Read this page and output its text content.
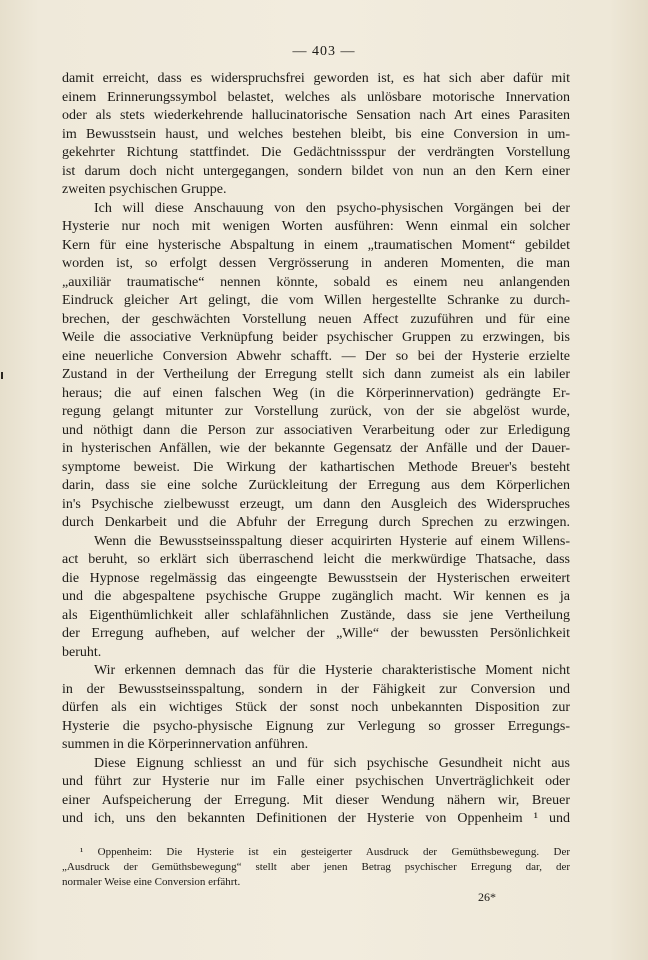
— 403 —
damit erreicht, dass es widerspruchsfrei geworden ist, es hat sich aber dafür mit
einem Erinnerungssymbol belastet, welches als unlösbare motorische Innervation
oder als stets wiederkehrende hallucinatorische Sensation nach Art eines Parasiten
im Bewusstsein haust, und welches bestehen bleibt, bis eine Conversion in um-
gekehrter Richtung stattfindet. Die Gedächtnissspur der verdrängten Vorstellung
ist darum doch nicht untergegangen, sondern bildet von nun an den Kern einer
zweiten psychischen Gruppe.
Ich will diese Anschauung von den psycho-physischen Vorgängen bei der
Hysterie nur noch mit wenigen Worten ausführen: Wenn einmal ein solcher
Kern für eine hysterische Abspaltung in einem „traumatischen Moment“ gebildet
worden ist, so erfolgt dessen Vergrösserung in anderen Momenten, die man
„auxiliär traumatische“ nennen könnte, sobald es einem neu anlangenden
Eindruck gleicher Art gelingt, die vom Willen hergestellte Schranke zu durch-
brechen, der geschwächten Vorstellung neuen Affect zuzuführen und für eine
Weile die associative Verknüpfung beider psychischer Gruppen zu erzwingen, bis
eine neuerliche Conversion Abwehr schafft. — Der so bei der Hysterie erzielte
Zustand in der Vertheilung der Erregung stellt sich dann zumeist als ein labiler
heraus; die auf einen falschen Weg (in die Körperinnervation) gedrängte Er-
regung gelangt mitunter zur Vorstellung zurück, von der sie abgelöst wurde,
und nöthigt dann die Person zur associativen Verarbeitung oder zur Erledigung
in hysterischen Anfällen, wie der bekannte Gegensatz der Anfälle und der Dauer-
symptome beweist. Die Wirkung der kathartischen Methode Breuer's besteht
darin, dass sie eine solche Zurückleitung der Erregung aus dem Körperlichen
in's Psychische zielbewusst erzeugt, um dann den Ausgleich des Widerspruches
durch Denkarbeit und die Abfuhr der Erregung durch Sprechen zu erzwingen.
Wenn die Bewusstseinsspaltung dieser acquirirten Hysterie auf einem Willens-
act beruht, so erklärt sich überraschend leicht die merkwürdige Thatsache, dass
die Hypnose regelmässig das eingeengte Bewusstsein der Hysterischen erweitert
und die abgespaltene psychische Gruppe zugänglich macht. Wir kennen es ja
als Eigenthümlichkeit aller schlafähnlichen Zustände, dass sie jene Vertheilung
der Erregung aufheben, auf welcher der „Wille“ der bewussten Persönlichkeit
beruht.
Wir erkennen demnach das für die Hysterie charakteristische Moment nicht
in der Bewusstseinsspaltung, sondern in der Fähigkeit zur Conversion und
dürfen als ein wichtiges Stück der sonst noch unbekannten Disposition zur
Hysterie die psycho-physische Eignung zur Verlegung so grosser Erregungs-
summen in die Körperinnervation anführen.
Diese Eignung schliesst an und für sich psychische Gesundheit nicht aus
und führt zur Hysterie nur im Falle einer psychischen Unverträglichkeit oder
einer Aufspeicherung der Erregung. Mit dieser Wendung nähern wir, Breuer
und ich, uns den bekannten Definitionen der Hysterie von Oppenheim ¹ und
¹ Oppenheim: Die Hysterie ist ein gesteigerter Ausdruck der Gemüthsbewegung. Der
„Ausdruck der Gemüthsbewegung“ stellt aber jenen Betrag psychischer Erregung dar, der
normaler Weise eine Conversion erfährt.
26*
